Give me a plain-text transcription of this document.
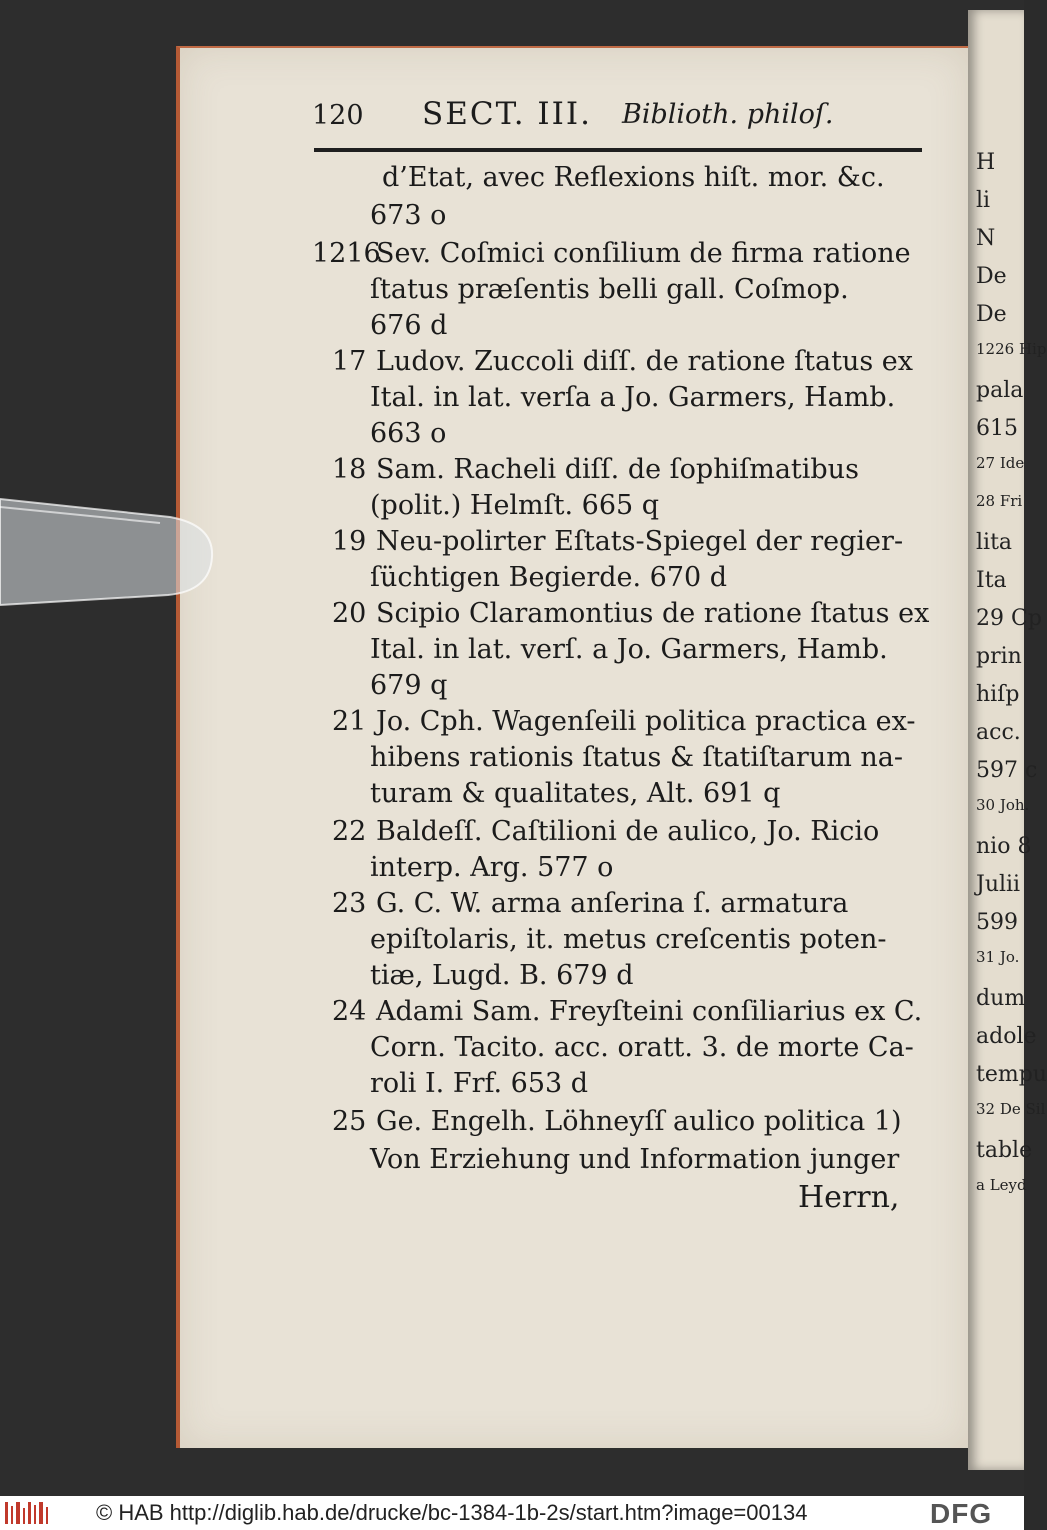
H
li
N
De
De
1226 Hip
pala
615
27 Ide
28 Fri
lita
Ita
29 Cp
prin
hiſp
acc.
597 c
30 Joh.
nio 8
Julii
599
31 Jo.
dum
adole
tempu
32 De Sil
table
a Leyd
120 SECT. III. Biblioth. philoſ.
d’Etat, avec Reflexions hiſt. mor. &c.
673 o
1216
Sev. Coſmici conſilium de firma ratione
ſtatus præſentis belli gall. Coſmop.
676 d
17 Ludov. Zuccoli diſſ. de ratione ſtatus ex
Ital. in lat. verſa a Jo. Garmers, Hamb.
663 o
18 Sam. Racheli diſſ. de ſophiſmatibus
(polit.) Helmſt. 665 q
19 Neu-polirter Eſtats-Spiegel der regier-
ſüchtigen Begierde. 670 d
20 Scipio Claramontius de ratione ſtatus ex
Ital. in lat. verſ. a Jo. Garmers, Hamb.
679 q
21 Jo. Cph. Wagenſeili politica practica ex-
hibens rationis ſtatus & ſtatiſtarum na-
turam & qualitates, Alt. 691 q
22 Baldeſſ. Caſtilioni de aulico, Jo. Ricio
interp. Arg. 577 o
23 G. C. W. arma anſerina ſ. armatura
epiſtolaris, it. metus creſcentis poten-
tiæ, Lugd. B. 679 d
24 Adami Sam. Freyſteini conſiliarius ex C.
Corn. Tacito. acc. oratt. 3. de morte Ca-
roli I. Frf. 653 d
25 Ge. Engelh. Löhneyſſ aulico politica 1)
Von Erziehung und Information junger
Herrn,
© HAB http://diglib.hab.de/drucke/bc-1384-1b-2s/start.htm?image=00134	DFG
